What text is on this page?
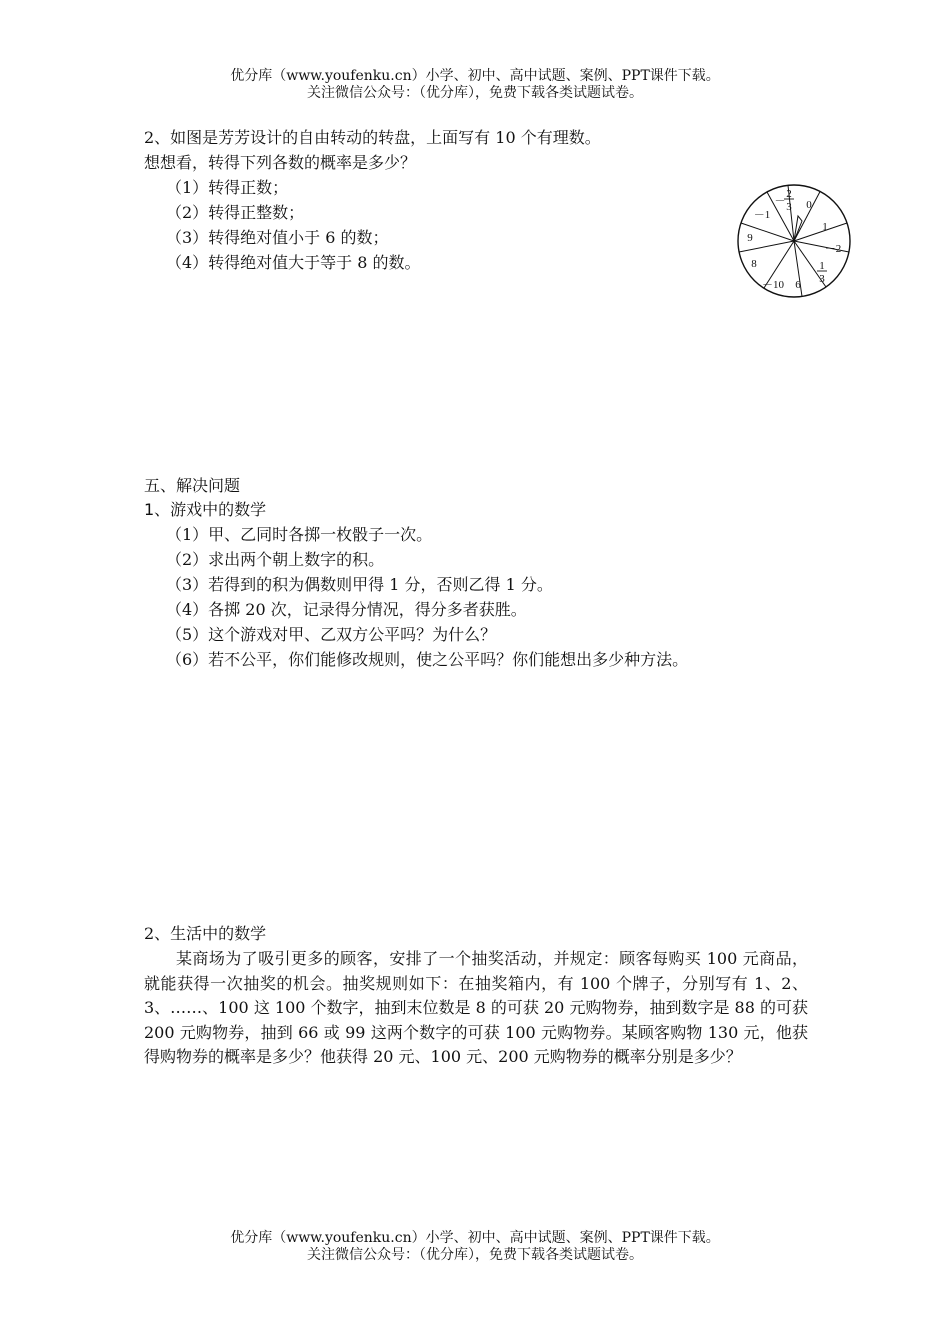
优分库（www.youfenku.cn）小学、初中、高中试题、案例、PPT课件下载。
关注微信公众号：（优分库），免费下载各类试题试卷。
2、如图是芳芳设计的自由转动的转盘，上面写有 10 个有理数。
想想看，转得下列各数的概率是多少？
（1）转得正数；
（2）转得正整数；
（3）转得绝对值小于 6 的数；
（4）转得绝对值大于等于 8 的数。
0
1
－2
1
3
6
－10
8
9
－1
－
2
3
五、解决问题
1、游戏中的数学
（1）甲、乙同时各掷一枚骰子一次。
（2）求出两个朝上数字的积。
（3）若得到的积为偶数则甲得 1 分，否则乙得 1 分。
（4）各掷 20 次，记录得分情况，得分多者获胜。
（5）这个游戏对甲、乙双方公平吗？为什么？
（6）若不公平，你们能修改规则，使之公平吗？你们能想出多少种方法。
2、生活中的数学
某商场为了吸引更多的顾客，安排了一个抽奖活动，并规定：顾客每购买 100 元商品，就能获得一次抽奖的机会。抽奖规则如下：在抽奖箱内，有 100 个牌子，分别写有 1、2、3、……、100 这 100 个数字，抽到末位数是 8 的可获 20 元购物券，抽到数字是 88 的可获 200 元购物券，抽到 66 或 99 这两个数字的可获 100 元购物券。某顾客购物 130 元，他获得购物券的概率是多少？他获得 20 元、100 元、200 元购物券的概率分别是多少？
优分库（www.youfenku.cn）小学、初中、高中试题、案例、PPT课件下载。
关注微信公众号：（优分库），免费下载各类试题试卷。
